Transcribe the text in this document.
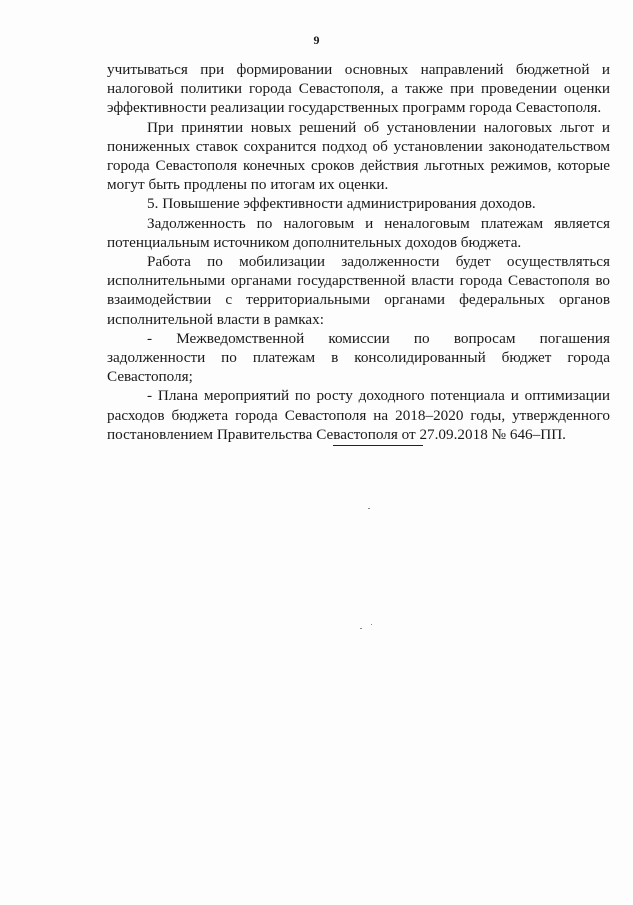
9

учитываться при формировании основных направлений бюджетной и налоговой политики города Севастополя, а также при проведении оценки эффективности реализации государственных программ города Севастополя.

При принятии новых решений об установлении налоговых льгот и пониженных ставок сохранится подход об установлении законодательством города Севастополя конечных сроков действия льготных режимов, которые могут быть продлены по итогам их оценки.

5. Повышение эффективности администрирования доходов.

Задолженность по налоговым и неналоговым платежам является потенциальным источником дополнительных доходов бюджета.

Работа по мобилизации задолженности будет осуществляться исполнительными органами государственной власти города Севастополя во взаимодействии с территориальными органами федеральных органов исполнительной власти в рамках:

- Межведомственной комиссии по вопросам погашения задолженности по платежам в консолидированный бюджет города Севастополя;

- Плана мероприятий по росту доходного потенциала и оптимизации расходов бюджета города Севастополя на 2018–2020 годы, утвержденного постановлением Правительства Севастополя от 27.09.2018 № 646–ПП.
